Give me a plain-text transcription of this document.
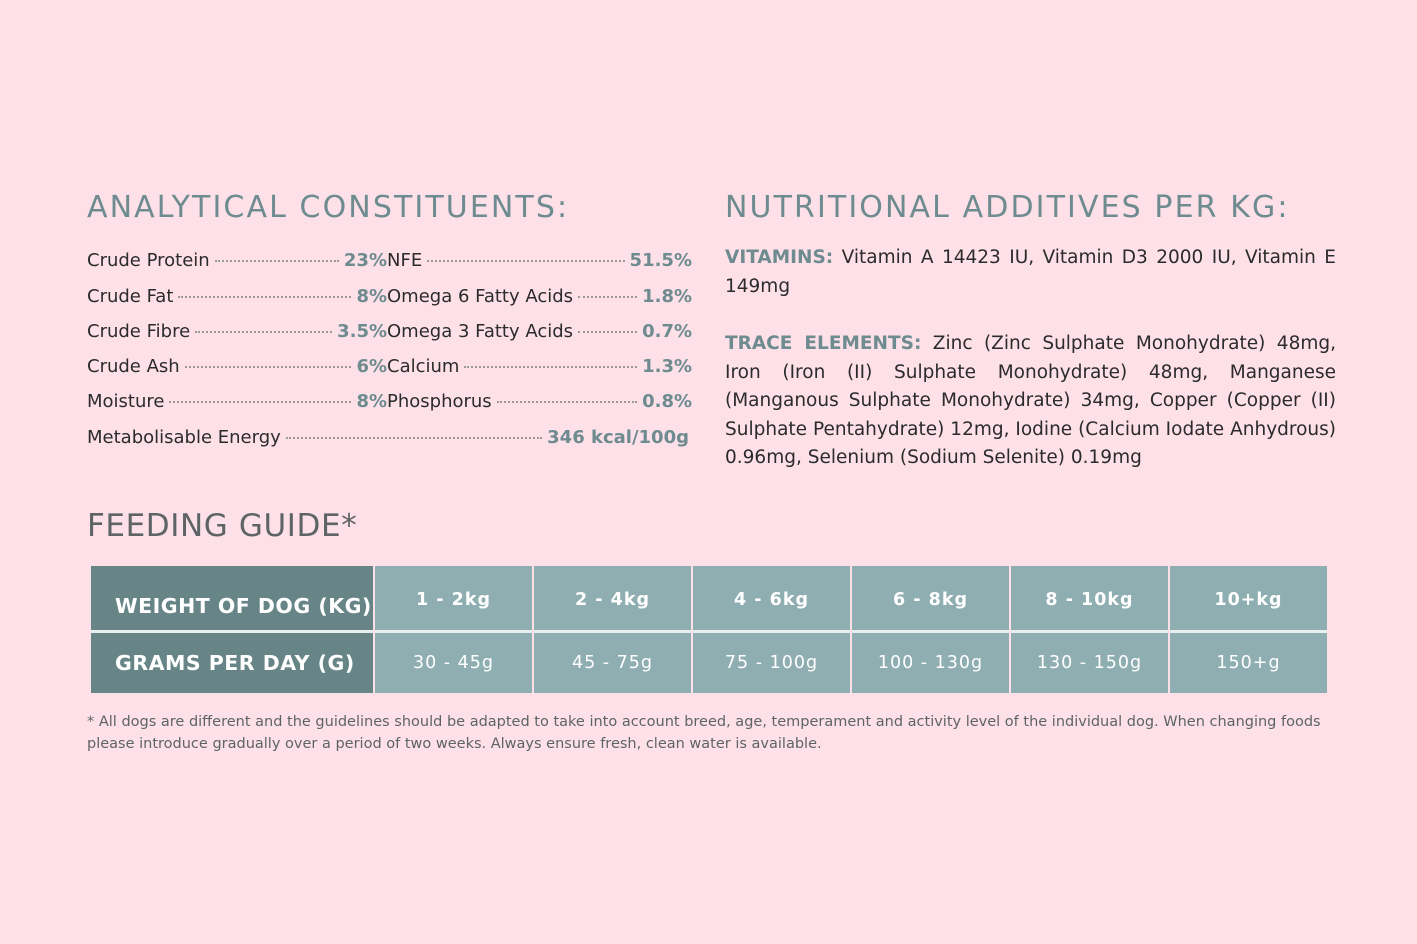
ANALYTICAL CONSTITUENTS:
Crude Protein	23% NFE	51.5%
Crude Fat	8% Omega 6 Fatty Acids	1.8%
Crude Fibre	3.5% Omega 3 Fatty Acids	0.7%
Crude Ash	6% Calcium	1.3%
Moisture	8% Phosphorus	0.8%
Metabolisable Energy	346 kcal/100g
NUTRITIONAL ADDITIVES PER KG:

VITAMINS: Vitamin A 14423 IU, Vitamin D3 2000 IU, Vitamin E 149mg

TRACE ELEMENTS: Zinc (Zinc Sulphate Monohydrate) 48mg, Iron (Iron (II) Sulphate Monohydrate) 48mg, Manganese (Manganous Sulphate Monohydrate) 34mg, Copper (Copper (II) Sulphate Pentahydrate) 12mg, Iodine (Calcium Iodate Anhydrous) 0.96mg, Selenium (Sodium Selenite) 0.19mg

FEEDING GUIDE*
WEIGHT OF DOG (KG)	1 - 2kg	2 - 4kg	4 - 6kg	6 - 8kg	8 - 10kg	10+kg
GRAMS PER DAY (G)	30 - 45g	45 - 75g	75 - 100g	100 - 130g	130 - 150g	150+g

* All dogs are different and the guidelines should be adapted to take into account breed, age, temperament and activity level of the individual dog. When changing foods please introduce gradually over a period of two weeks. Always ensure fresh, clean water is available.
